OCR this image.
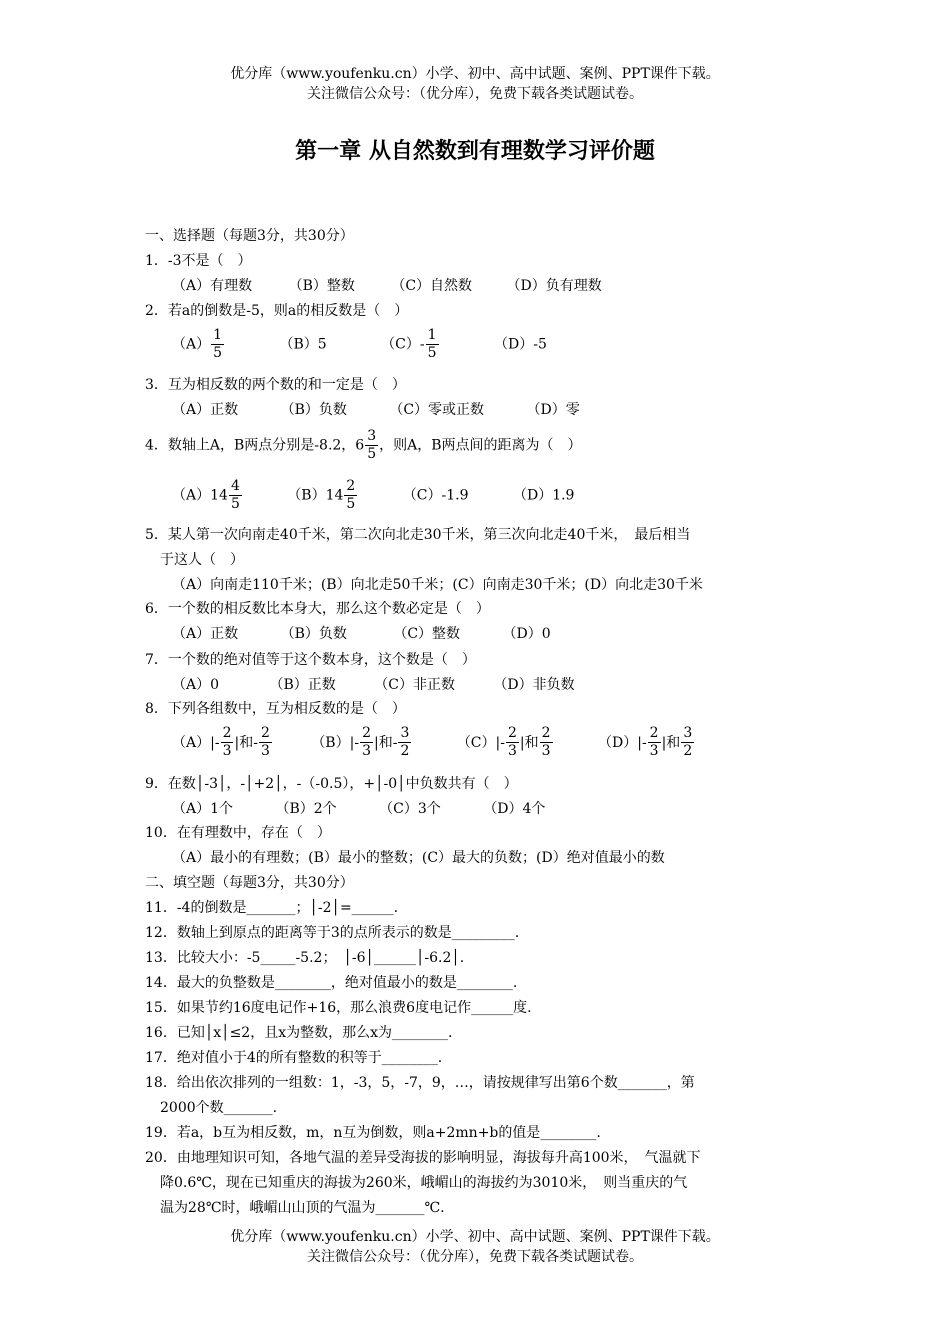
优分库（www.youfenku.cn）小学、初中、高中试题、案例、PPT课件下载。
关注微信公众号：（优分库），免费下载各类试题试卷。
第一章 从自然数到有理数学习评价题
一、选择题（每题3分，共30分）
1．-3不是（　）
（A）有理数	（B）整数	（C）自然数 （D）负有理数
2．若a的倒数是-5，则a的相反数是（　）
$(A) \frac{1}{5}$	（B）5	$(C)- \frac{1}{5}$	（D）-5
3．互为相反数的两个数的和一定是（　）
（A）正数	（B）负数	（C）零或正数	（D）零
4．数轴上A，B两点分别是-8.2，$6 \frac{3}{5}$ ，则A，B两点间的距离为（　）
$(A)14 \frac{4}{5}$	$(B)14 \frac{2}{5}$	（C）-1.9	（D）1.9
5．某人第一次向南走40千米，第二次向北走30千米，第三次向北走40千米，　最后相当
于这人（　）
（A）向南走110千米；(B）向北走50千米；(C）向南走30千米；(D）向北走30千米
6．一个数的相反数比本身大，那么这个数必定是（　）
（A）正数	（B）负数	（C）整数	（D）0
7．一个数的绝对值等于这个数本身，这个数是（　）
（A）0	（B）正数	（C）非正数	（D）非负数
8．下列各组数中，互为相反数的是（　）
$(A)|- \frac{2}{3}$ |和- $\frac{2}{3}$	$(B)|- \frac{2}{3}$ |和- $\frac{3}{2}$	$(C)|- \frac{2}{3}$ |和 $\frac{2}{3}$	$(D)|- \frac{2}{3}$ |和 $\frac{3}{2}$
9．在数│-3│，-│+2│，-（-0.5），+│-0│中负数共有（　）
（A）1个	（B）2个	（C）3个	（D）4个
10．在有理数中，存在（　）
（A）最小的有理数；(B）最小的整数；(C）最大的负数；(D）绝对值最小的数
二、填空题（每题3分，共30分）
11．-4的倒数是_______；│-2│=______.
12．数轴上到原点的距离等于3的点所表示的数是_________.
13．比较大小：-5_____-5.2；　│-6│______│-6.2│.
14．最大的负整数是________，绝对值最小的数是________.
15．如果节约16度电记作+16，那么浪费6度电记作______度.
16．已知│x│≤2，且x为整数，那么x为________.
17．绝对值小于4的所有整数的积等于________.
18．给出依次排列的一组数：1，-3，5，-7，9，…，请按规律写出第6个数_______，第
2000个数_______.
19．若a，b互为相反数，m，n互为倒数，则a+2mn+b的值是________.
20．由地理知识可知，各地气温的差异受海拔的影响明显，海拔每升高100米，　气温就下
降0.6℃，现在已知重庆的海拔为260米，峨嵋山的海拔约为3010米，　则当重庆的气
温为28℃时，峨嵋山山顶的气温为_______℃.
优分库（www.youfenku.cn）小学、初中、高中试题、案例、PPT课件下载。
关注微信公众号：（优分库），免费下载各类试题试卷。
